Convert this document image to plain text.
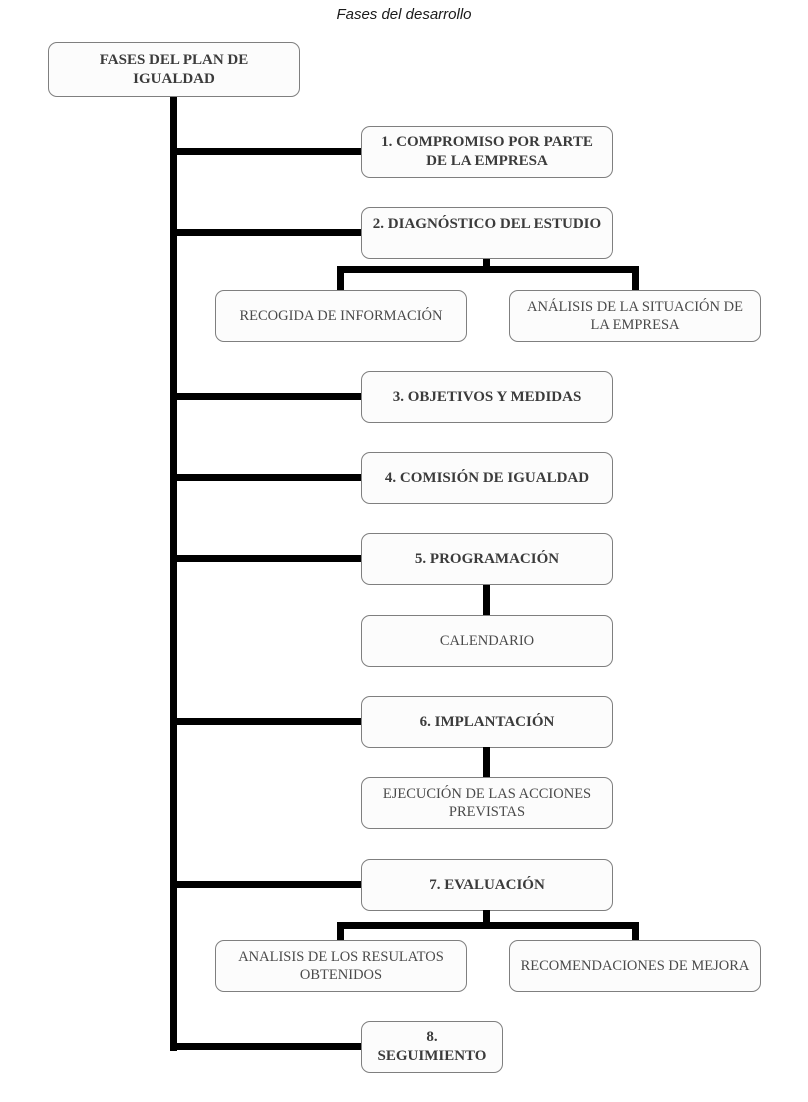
Fases del desarrollo
FASES DEL PLAN DE IGUALDAD
1. COMPROMISO POR PARTE DE LA EMPRESA
2. DIAGNÓSTICO DEL ESTUDIO
3. OBJETIVOS Y MEDIDAS
4. COMISIÓN DE IGUALDAD
5. PROGRAMACIÓN
6. IMPLANTACIÓN
7. EVALUACIÓN
8.
SEGUIMIENTO
RECOGIDA DE INFORMACIÓN
ANÁLISIS DE LA SITUACIÓN DE LA EMPRESA
CALENDARIO
EJECUCIÓN DE LAS ACCIONES PREVISTAS
ANALISIS DE LOS RESULATOS OBTENIDOS
RECOMENDACIONES DE MEJORA
